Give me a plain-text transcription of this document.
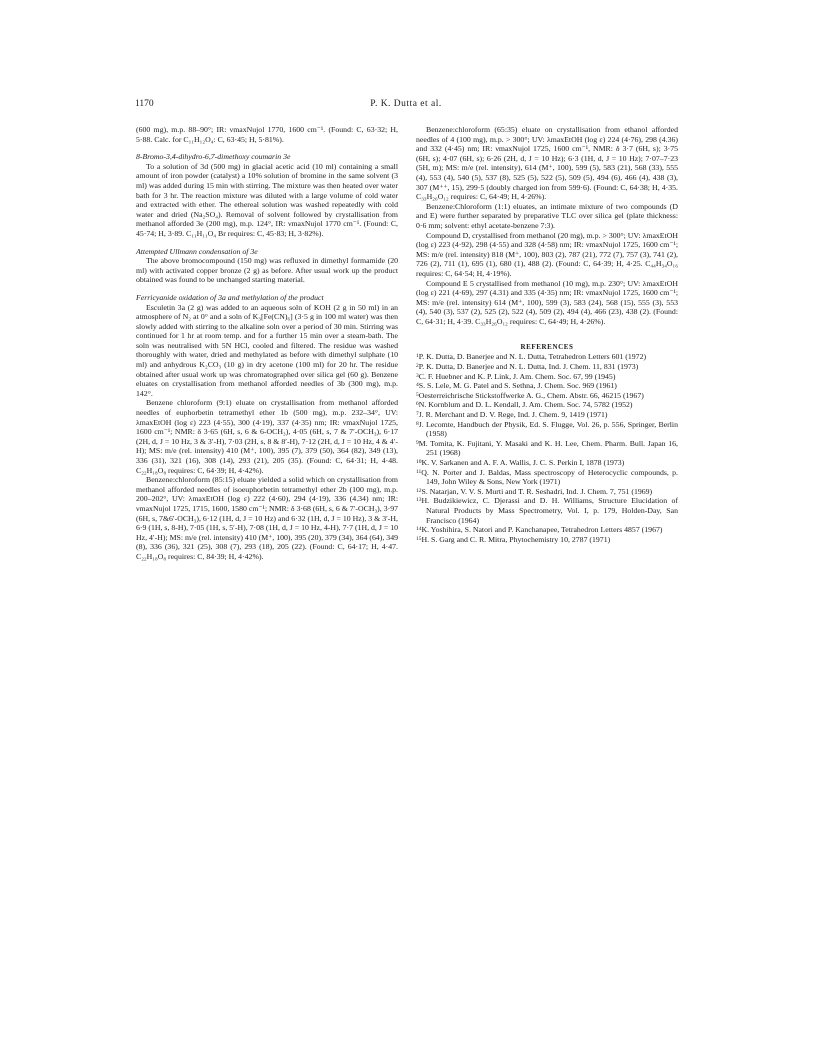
1170	P. K. Dutta et al.

(600 mg), m.p. 88–90°; IR: νmaxNujol 1770, 1600 cm⁻¹. (Found: C, 63·32; H, 5·88. Calc. for C₁₁H₁₂O₄: C, 63·45; H, 5·81%).

8-Bromo-3,4-dihydro-6,7-dimethoxy coumarin 3e

To a solution of 3d (500 mg) in glacial acetic acid (10 ml) containing a small amount of iron powder (catalyst) a 10% solution of bromine in the same solvent (3 ml) was added during 15 min with stirring. The mixture was then heated over water bath for 3 hr. The reaction mixture was diluted with a large volume of cold water and extracted with ether. The ethereal solution was washed repeatedly with cold water and dried (Na₂SO₄). Removal of solvent followed by crystallisation from methanol afforded 3e (200 mg), m.p. 124°, IR: νmaxNujol 1770 cm⁻¹. (Found: C, 45·74; H, 3·89. C₁₁H₁₁O₄ Br requires: C, 45·83; H, 3·82%).

Attempted Ullmann condensation of 3e

The above bromocompound (150 mg) was refluxed in dimethyl formamide (20 ml) with activated copper bronze (2 g) as before. After usual work up the product obtained was found to be unchanged starting material.

Ferricyanide oxidation of 3a and methylation of the product

Esculetin 3a (2 g) was added to an aqueous soln of KOH (2 g in 50 ml) in an atmosphere of N₂ at 0° and a soln of K₃[Fe(CN)₆] (3·5 g in 100 ml water) was then slowly added with stirring to the alkaline soln over a period of 30 min. Stirring was continued for 1 hr at room temp. and for a further 15 min over a steam-bath. The soln was neutralised with 5N HCl, cooled and filtered. The residue was washed thoroughly with water, dried and methylated as before with dimethyl sulphate (10 ml) and anhydrous K₂CO₃ (10 g) in dry acetone (100 ml) for 20 hr. The residue obtained after usual work up was chromatographed over silica gel (60 g). Benzene eluates on crystallisation from methanol afforded needles of 3b (300 mg), m.p. 142°.

Benzene chloroform (9:1) eluate on crystallisation from methanol afforded needles of euphorbetin tetramethyl ether 1b (500 mg), m.p. 232–34°, UV: λmaxEtOH (log ε) 223 (4·55), 300 (4·19), 337 (4·35) nm; IR: νmaxNujol 1725, 1600 cm⁻¹; NMR: δ 3·65 (6H, s, 6 & 6-OCH₃), 4·05 (6H, s, 7 & 7′-OCH₃), 6·17 (2H, d, J = 10 Hz, 3 & 3′-H), 7·03 (2H, s, 8 & 8′-H), 7·12 (2H, d, J = 10 Hz, 4 & 4′-H); MS: m/e (rel. intensity) 410 (M⁺, 100), 395 (7), 379 (50), 364 (82), 349 (13), 336 (31), 321 (16), 308 (14), 293 (21), 205 (35). (Found: C, 64·31; H, 4·48. C₂₂H₁₈O₈ requires: C, 64·39; H, 4·42%).

Benzene:chloroform (85:15) eluate yielded a solid which on crystallisation from methanol afforded needles of isoeuphorbetin tetramethyl ether 2b (100 mg), m.p. 200–202°, UV: λmaxEtOH (log ε) 222 (4·60), 294 (4·19), 336 (4.34) nm; IR: νmaxNujol 1725, 1715, 1600, 1580 cm⁻¹; NMR: δ 3·68 (6H, s, 6 & 7′-OCH₃), 3·97 (6H, s, 7&6′-OCH₃), 6·12 (1H, d, J = 10 Hz) and 6·32 (1H, d, J = 10 Hz), 3 & 3′-H, 6·9 (1H, s, 8-H), 7·05 (1H, s, 5′-H), 7·08 (1H, d, J = 10 Hz, 4-H), 7·7 (1H, d, J = 10 Hz, 4′-H); MS: m/e (rel. intensity) 410 (M⁺, 100), 395 (20), 379 (34), 364 (64), 349 (8), 336 (36), 321 (25), 308 (7), 293 (18), 205 (22). (Found: C, 64·17; H, 4·47. C₂₂H₁₈O₈ requires: C, 84·39; H, 4·42%).

Benzene:chloroform (65:35) eluate on crystallisation from ethanol afforded needles of 4 (100 mg), m.p. > 300°; UV: λmaxEtOH (log ε) 224 (4·76), 298 (4.36) and 332 (4·45) nm; IR: νmaxNujol 1725, 1600 cm⁻¹, NMR: δ 3·7 (6H, s); 3·75 (6H, s); 4·07 (6H, s); 6·26 (2H, d, J = 10 Hz); 6·3 (1H, d, J = 10 Hz); 7·07–7·23 (5H, m); MS: m/e (rel. intensity), 614 (M⁺, 100), 599 (5), 583 (21), 568 (33), 555 (4), 553 (4), 540 (5), 537 (8), 525 (5), 522 (5), 509 (5), 494 (6), 466 (4), 438 (3), 307 (M⁺⁺, 15), 299·5 (doubly charged ion from 599·6). (Found: C, 64·38; H, 4·35. C₃₃H₂₆O₁₂ requires: C, 64·49; H, 4·26%).

Benzene:Chloroform (1:1) eluates, an intimate mixture of two compounds (D and E) were further separated by preparative TLC over silica gel (plate thickness: 0·6 mm; solvent: ethyl acetate-benzene 7:3).

Compound D, crystallised from methanol (20 mg), m.p. > 300°; UV: λmaxEtOH (log ε) 223 (4·92), 298 (4·55) and 328 (4·58) nm; IR: νmaxNujol 1725, 1600 cm⁻¹; MS: m/e (rel. intensity) 818 (M⁺, 100), 803 (2), 787 (21), 772 (7), 757 (3), 741 (2), 726 (2), 711 (1), 695 (1), 680 (1), 488 (2). (Found: C, 64·39; H, 4·25. C₄₄H₃₄O₁₆ requires: C, 64·54; H, 4·19%).

Compound E 5 crystallised from methanol (10 mg), m.p. 230°; UV: λmaxEtOH (log ε) 221 (4·69), 297 (4.31) and 335 (4·35) nm; IR: νmaxNujol 1725, 1600 cm⁻¹; MS: m/e (rel. intensity) 614 (M⁺, 100), 599 (3), 583 (24), 568 (15), 555 (3), 553 (4), 540 (3), 537 (2), 525 (2), 522 (4), 509 (2), 494 (4), 466 (23), 438 (2). (Found: C, 64·31; H, 4·39. C₃₃H₂₆O₁₂ requires: C, 64·49; H, 4·26%).

REFERENCES
$^1$P. K. Dutta, D. Banerjee and N. L. Dutta, Tetrahedron Letters 601 (1972)
$^2$P. K. Dutta, D. Banerjee and N. L. Dutta, Ind. J. Chem. 11, 831 (1973)
$^3$C. F. Huebner and K. P. Link, J. Am. Chem. Soc. 67, 99 (1945)
$^4$S. S. Lele, M. G. Patel and S. Sethna, J. Chem. Soc. 969 (1961)
$^5$Oesterreichrische Stickstoffwerke A. G., Chem. Abstr. 66, 46215 (1967)
$^6$N. Kornblum and D. L. Kendall, J. Am. Chem. Soc. 74, 5782 (1952)
$^7$J. R. Merchant and D. V. Rege, Ind. J. Chem. 9, 1419 (1971)
$^8$J. Lecomte, Handbuch der Physik, Ed. S. Flugge, Vol. 26, p. 556, Springer, Berlin (1958)
$^9$M. Tomita, K. Fujitani, Y. Masaki and K. H. Lee, Chem. Pharm. Bull. Japan 16, 251 (1968)
$^{10}$K. V. Sarkanen and A. F. A. Wallis, J. C. S. Perkin I, 1878 (1973)
$^{11}$Q. N. Porter and J. Baldas, Mass spectroscopy of Heterocyclic compounds, p. 149, John Wiley & Sons, New York (1971)
$^{12}$S. Natarjan, V. V. S. Murti and T. R. Seshadri, Ind. J. Chem. 7, 751 (1969)
$^{13}$H. Budzikiewicz, C. Djerassi and D. H. Williams, Structure Elucidation of Natural Products by Mass Spectrometry, Vol. I, p. 179, Holden-Day, San Francisco (1964)
$^{14}$K. Yoshihira, S. Natori and P. Kanchanapee, Tetrahedron Letters 4857 (1967)
$^{15}$H. S. Garg and C. R. Mitra, Phytochemistry 10, 2787 (1971)
